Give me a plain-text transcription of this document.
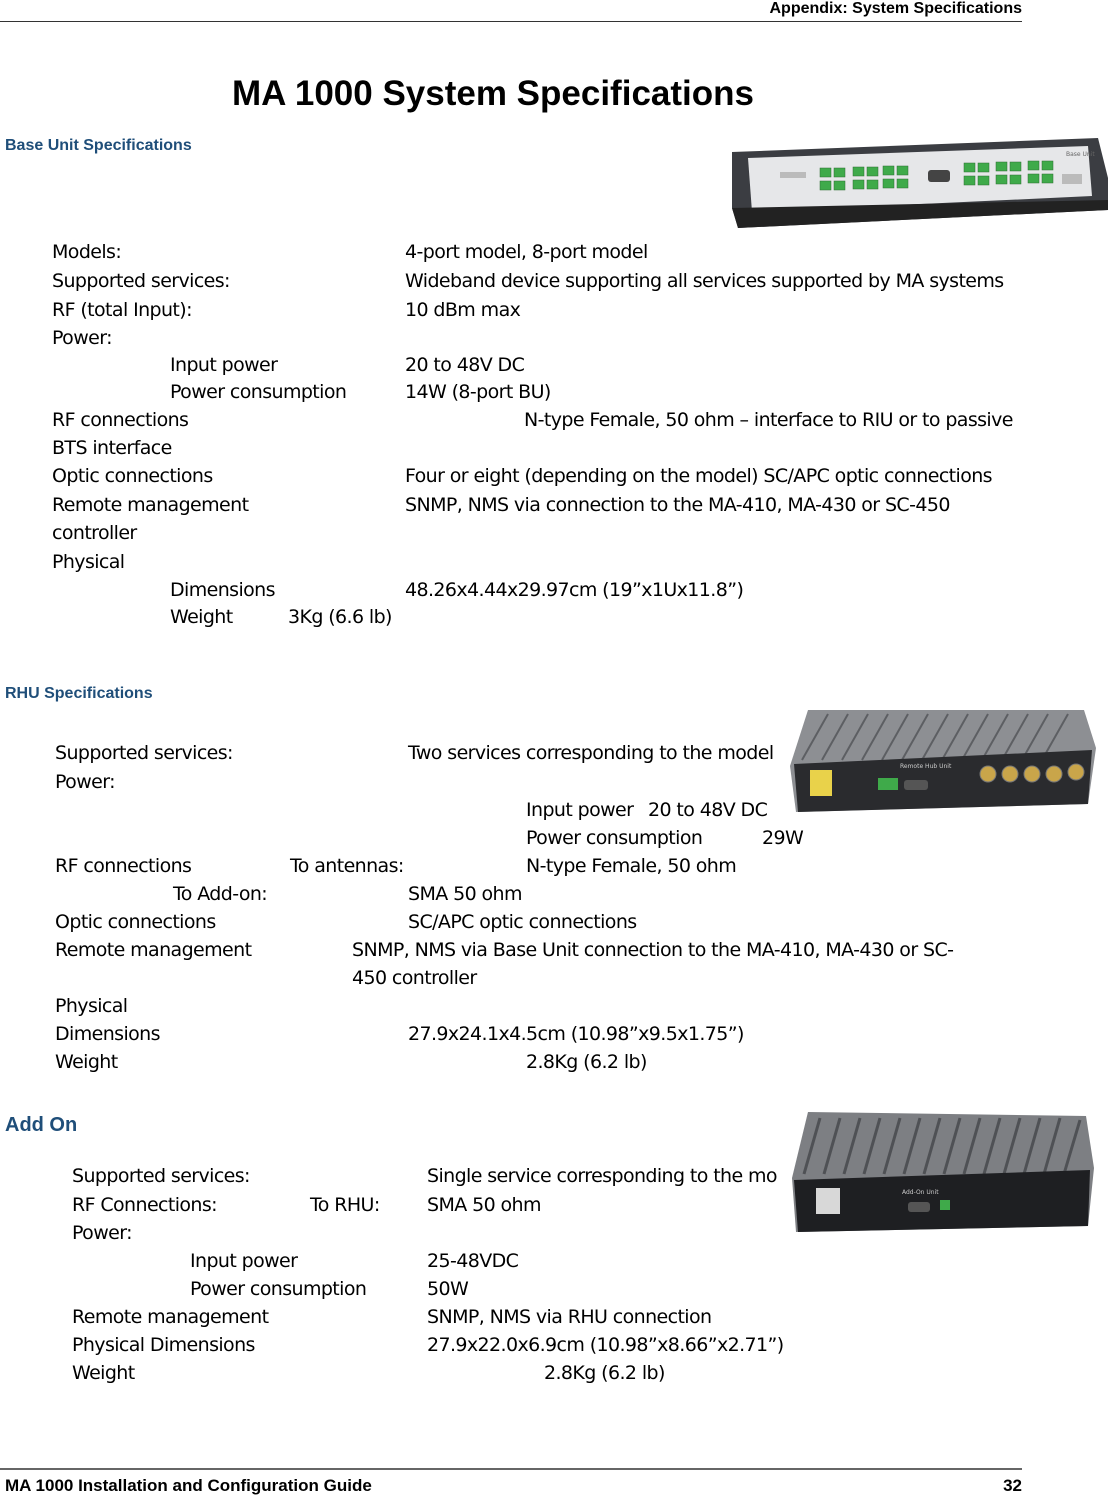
Appendix: System Specifications
MA 1000 System Specifications
Base Unit Specifications
Base Unit
Models:	4-port model, 8-port model
Supported services:	Wideband device supporting all services supported by MA systems
RF (total Input):	10 dBm max
Power:
Input power	20 to 48V DC
Power consumption	14W (8-port BU)
RF connections	N-type Female, 50 ohm – interface to RIU or to passive
BTS interface
Optic connections	Four or eight (depending on the model) SC/APC optic connections
Remote management	SNMP, NMS via connection to the MA-410, MA-430 or SC-450
controller
Physical
Dimensions	48.26x4.44x29.97cm (19”x1Ux11.8”)
Weight	3Kg (6.6 lb)
RHU Specifications
Remote Hub Unit
Supported services:	Two services corresponding to the model
Power:
Input power 20 to 48V DC
Power consumption	29W
RF connections	To antennas:	N-type Female, 50 ohm
To Add-on:	SMA 50 ohm
Optic connections	SC/APC optic connections
Remote management	SNMP, NMS via Base Unit connection to the MA-410, MA-430 or SC-
450 controller
Physical
Dimensions	27.9x24.1x4.5cm (10.98”x9.5x1.75”)
Weight	2.8Kg (6.2 lb)
Add On
Add-On Unit
Supported services:	Single service corresponding to the mo
RF Connections:	To RHU: SMA 50 ohm
Power:
Input power	25-48VDC
Power consumption	50W
Remote management	SNMP, NMS via RHU connection
Physical Dimensions	27.9x22.0x6.9cm (10.98”x8.66”x2.71”)
Weight	2.8Kg (6.2 lb)
MA 1000 Installation and Configuration Guide	32
